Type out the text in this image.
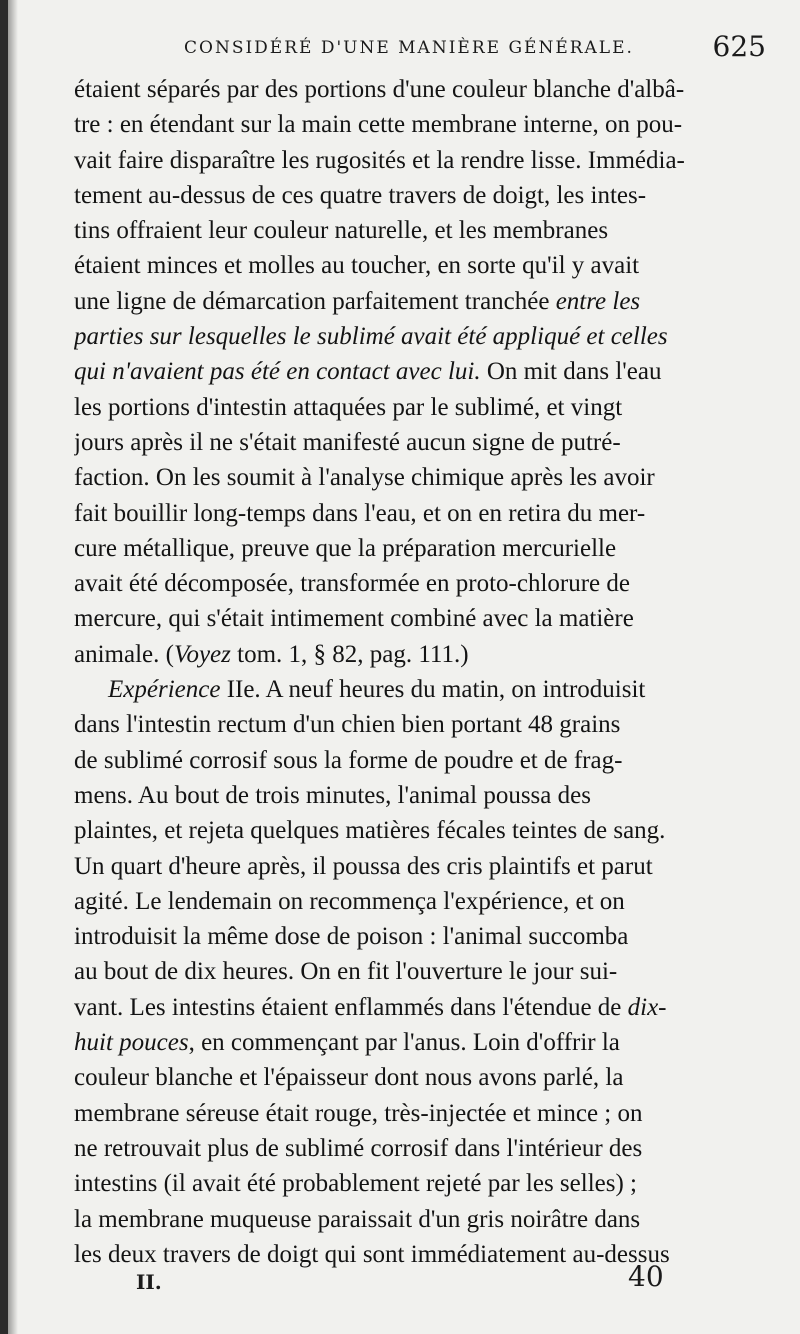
CONSIDÉRÉ D'UNE MANIÈRE GÉNÉRALE.	625
étaient séparés par des portions d'une couleur blanche d'albâ-
tre : en étendant sur la main cette membrane interne, on pou-
vait faire disparaître les rugosités et la rendre lisse. Immédia-
tement au-dessus de ces quatre travers de doigt, les intes-
tins offraient leur couleur naturelle, et les membranes
étaient minces et molles au toucher, en sorte qu'il y avait
une ligne de démarcation parfaitement tranchée entre les
parties sur lesquelles le sublimé avait été appliqué et celles
qui n'avaient pas été en contact avec lui. On mit dans l'eau
les portions d'intestin attaquées par le sublimé, et vingt
jours après il ne s'était manifesté aucun signe de putré-
faction. On les soumit à l'analyse chimique après les avoir
fait bouillir long-temps dans l'eau, et on en retira du mer-
cure métallique, preuve que la préparation mercurielle
avait été décomposée, transformée en proto-chlorure de
mercure, qui s'était intimement combiné avec la matière
animale. (Voyez tom. 1, § 82, pag. 111.)
Expérience IIe. A neuf heures du matin, on introduisit
dans l'intestin rectum d'un chien bien portant 48 grains
de sublimé corrosif sous la forme de poudre et de frag-
mens. Au bout de trois minutes, l'animal poussa des
plaintes, et rejeta quelques matières fécales teintes de sang.
Un quart d'heure après, il poussa des cris plaintifs et parut
agité. Le lendemain on recommença l'expérience, et on
introduisit la même dose de poison : l'animal succomba
au bout de dix heures. On en fit l'ouverture le jour sui-
vant. Les intestins étaient enflammés dans l'étendue de dix-
huit pouces, en commençant par l'anus. Loin d'offrir la
couleur blanche et l'épaisseur dont nous avons parlé, la
membrane séreuse était rouge, très-injectée et mince ; on
ne retrouvait plus de sublimé corrosif dans l'intérieur des
intestins (il avait été probablement rejeté par les selles) ;
la membrane muqueuse paraissait d'un gris noirâtre dans
les deux travers de doigt qui sont immédiatement au-dessus
II.	40
